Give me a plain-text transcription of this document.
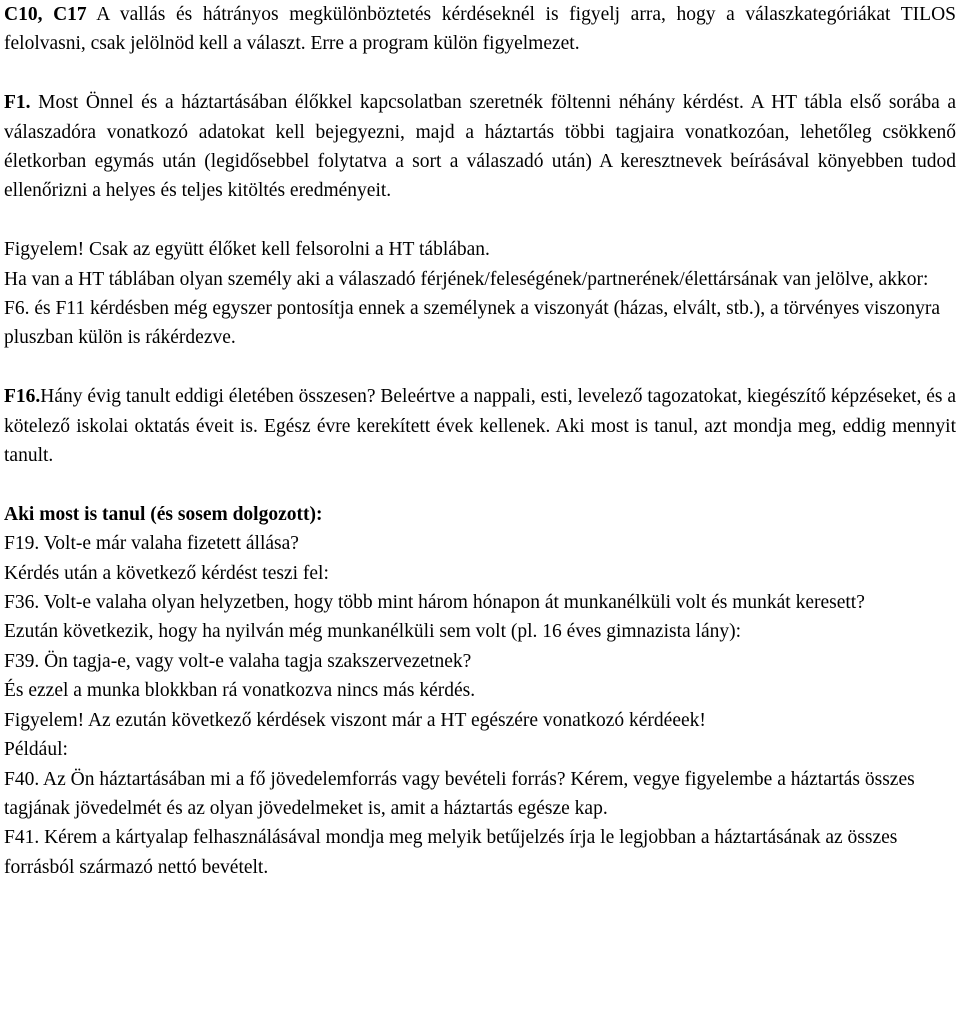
C10, C17 A vallás és hátrányos megkülönböztetés kérdéseknél is figyelj arra, hogy a válaszkategóriákat TILOS felolvasni, csak jelölnöd kell a választ. Erre a program külön figyelmezet.

F1. Most Önnel és a háztartásában élőkkel kapcsolatban szeretnék föltenni néhány kérdést. A HT tábla első sorába a válaszadóra vonatkozó adatokat kell bejegyezni, majd a háztartás többi tagjaira vonatkozóan, lehetőleg csökkenő életkorban egymás után (legidősebbel folytatva a sort a válaszadó után) A keresztnevek beírásával könyebben tudod ellenőrizni a helyes és teljes kitöltés eredményeit.

Figyelem! Csak az együtt élőket kell felsorolni a HT táblában.

Ha van a HT táblában olyan személy aki a válaszadó férjének/feleségének/partnerének/élettársának van jelölve, akkor:

F6. és F11 kérdésben még egyszer pontosítja ennek a személynek a viszonyát (házas, elvált, stb.), a törvényes viszonyra pluszban külön is rákérdezve.

F16.Hány évig tanult eddigi életében összesen? Beleértve a nappali, esti, levelező tagozatokat, kiegészítő képzéseket, és a kötelező iskolai oktatás éveit is. Egész évre kerekített évek kellenek. Aki most is tanul, azt mondja meg, eddig mennyit tanult.

Aki most is tanul (és sosem dolgozott):

F19. Volt-e már valaha fizetett állása?

Kérdés után a következő kérdést teszi fel:

F36. Volt-e valaha olyan helyzetben, hogy több mint három hónapon át munkanélküli volt és munkát keresett?

Ezután következik, hogy ha nyilván még munkanélküli sem volt (pl. 16 éves gimnazista lány):

F39. Ön tagja-e, vagy volt-e valaha tagja szakszervezetnek?

És ezzel a munka blokkban rá vonatkozva nincs más kérdés.

Figyelem! Az ezután következő kérdések viszont már a HT egészére vonatkozó kérdéeek!

Például:

F40. Az Ön háztartásában mi a fő jövedelemforrás vagy bevételi forrás? Kérem, vegye figyelembe a háztartás összes tagjának jövedelmét és az olyan jövedelmeket is, amit a háztartás egésze kap.

F41. Kérem a kártyalap felhasználásával mondja meg melyik betűjelzés írja le legjobban a háztartásának az összes forrásból származó nettó bevételt.
